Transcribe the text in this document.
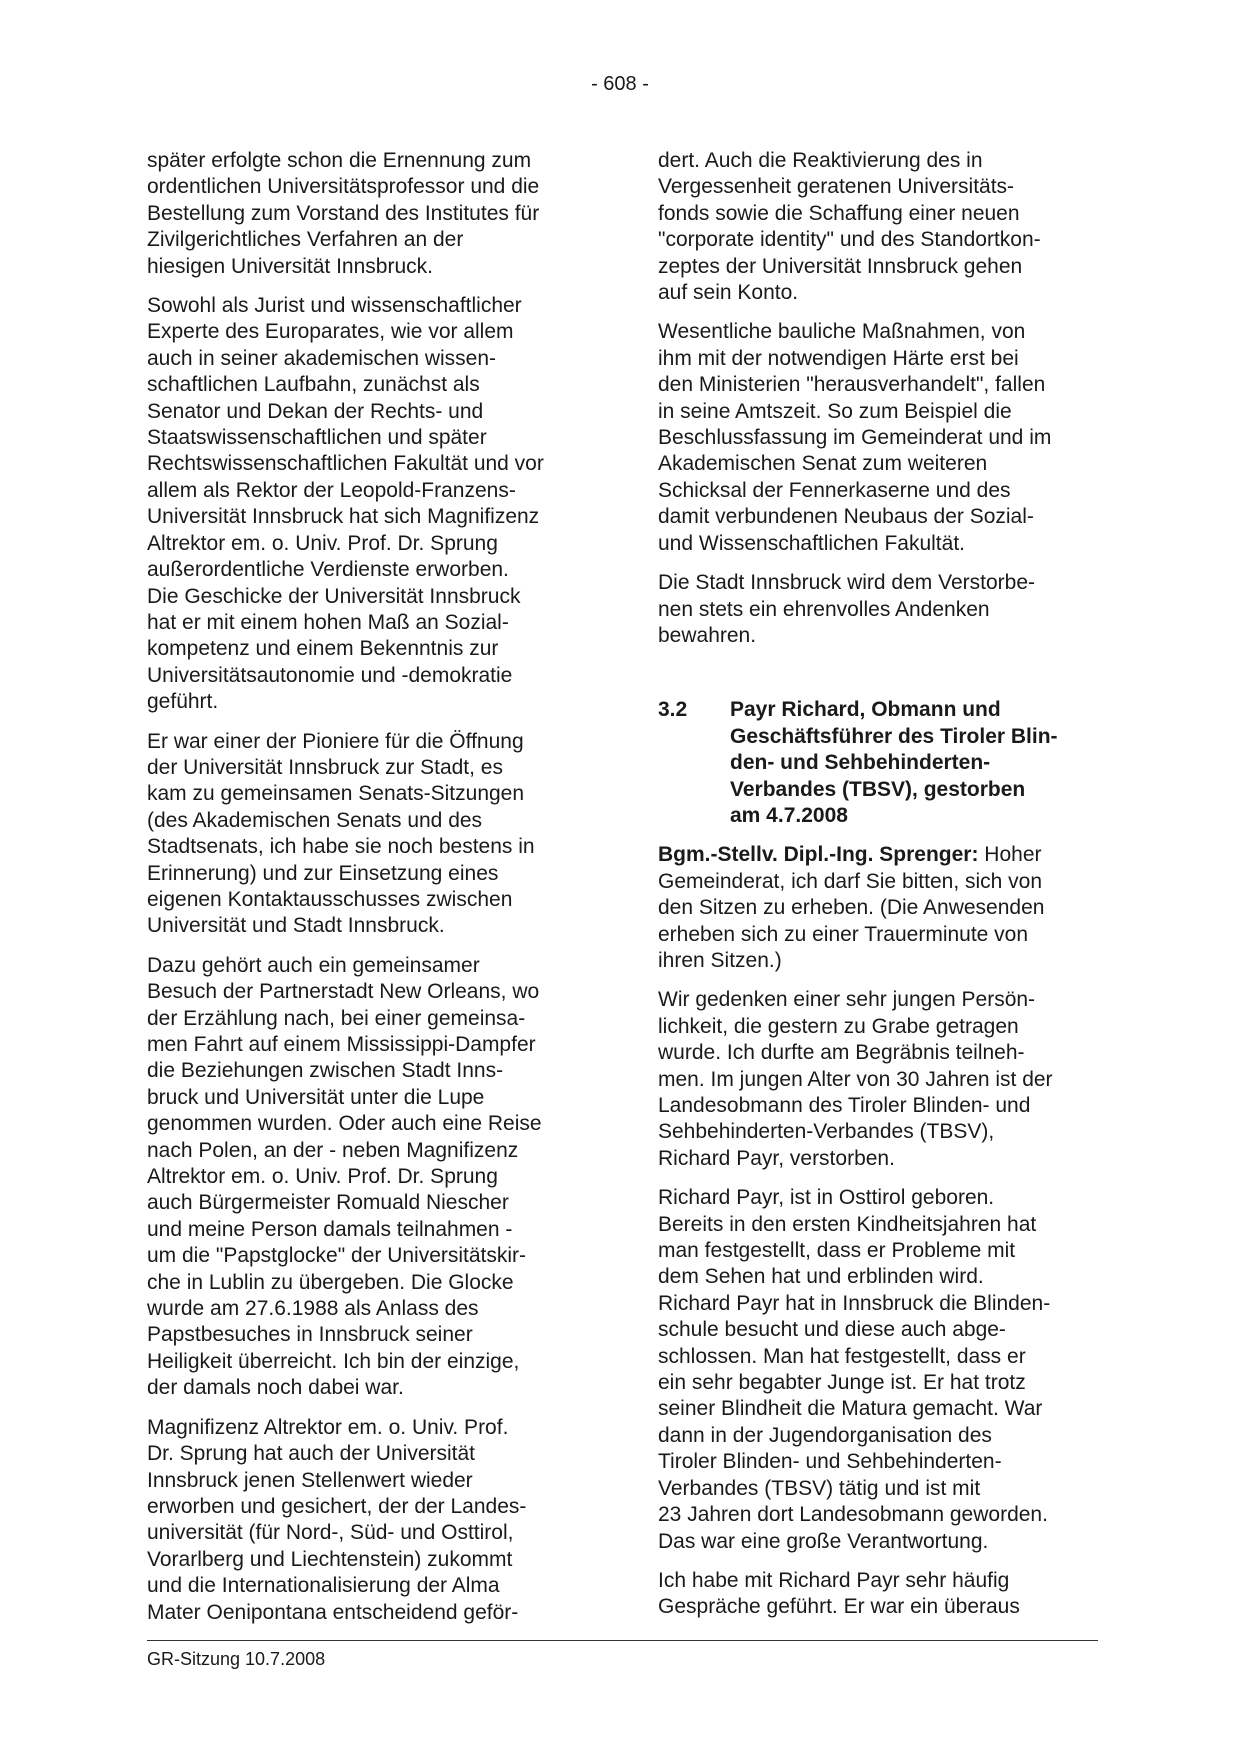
- 608 -

später erfolgte schon die Ernennung zum
ordentlichen Universitätsprofessor und die
Bestellung zum Vorstand des Institutes für
Zivilgerichtliches Verfahren an der
hiesigen Universität Innsbruck.

Sowohl als Jurist und wissenschaftlicher
Experte des Europarates, wie vor allem
auch in seiner akademischen wissen-
schaftlichen Laufbahn, zunächst als
Senator und Dekan der Rechts- und
Staatswissenschaftlichen und später
Rechtswissenschaftlichen Fakultät und vor
allem als Rektor der Leopold-Franzens-
Universität Innsbruck hat sich Magnifizenz
Altrektor em. o. Univ. Prof. Dr. Sprung
außerordentliche Verdienste erworben.
Die Geschicke der Universität Innsbruck
hat er mit einem hohen Maß an Sozial-
kompetenz und einem Bekenntnis zur
Universitätsautonomie und -demokratie
geführt.

Er war einer der Pioniere für die Öffnung
der Universität Innsbruck zur Stadt, es
kam zu gemeinsamen Senats-Sitzungen
(des Akademischen Senats und des
Stadtsenats, ich habe sie noch bestens in
Erinnerung) und zur Einsetzung eines
eigenen Kontaktausschusses zwischen
Universität und Stadt Innsbruck.

Dazu gehört auch ein gemeinsamer
Besuch der Partnerstadt New Orleans, wo
der Erzählung nach, bei einer gemeinsa-
men Fahrt auf einem Mississippi-Dampfer
die Beziehungen zwischen Stadt Inns-
bruck und Universität unter die Lupe
genommen wurden. Oder auch eine Reise
nach Polen, an der - neben Magnifizenz
Altrektor em. o. Univ. Prof. Dr. Sprung
auch Bürgermeister Romuald Niescher
und meine Person damals teilnahmen -
um die "Papstglocke" der Universitätskir-
che in Lublin zu übergeben. Die Glocke
wurde am 27.6.1988 als Anlass des
Papstbesuches in Innsbruck seiner
Heiligkeit überreicht. Ich bin der einzige,
der damals noch dabei war.

Magnifizenz Altrektor em. o. Univ. Prof.
Dr. Sprung hat auch der Universität
Innsbruck jenen Stellenwert wieder
erworben und gesichert, der der Landes-
universität (für Nord-, Süd- und Osttirol,
Vorarlberg und Liechtenstein) zukommt
und die Internationalisierung der Alma
Mater Oenipontana entscheidend geför-

dert. Auch die Reaktivierung des in
Vergessenheit geratenen Universitäts-
fonds sowie die Schaffung einer neuen
"corporate identity" und des Standortkon-
zeptes der Universität Innsbruck gehen
auf sein Konto.

Wesentliche bauliche Maßnahmen, von
ihm mit der notwendigen Härte erst bei
den Ministerien "herausverhandelt", fallen
in seine Amtszeit. So zum Beispiel die
Beschlussfassung im Gemeinderat und im
Akademischen Senat zum weiteren
Schicksal der Fennerkaserne und des
damit verbundenen Neubaus der Sozial-
und Wissenschaftlichen Fakultät.

Die Stadt Innsbruck wird dem Verstorbe-
nen stets ein ehrenvolles Andenken
bewahren.

3.2	Payr Richard, Obmann und
Geschäftsführer des Tiroler Blin-
den- und Sehbehinderten-
Verbandes (TBSV), gestorben
am 4.7.2008

Bgm.-Stellv. Dipl.-Ing. Sprenger: Hoher
Gemeinderat, ich darf Sie bitten, sich von
den Sitzen zu erheben. (Die Anwesenden
erheben sich zu einer Trauerminute von
ihren Sitzen.)

Wir gedenken einer sehr jungen Persön-
lichkeit, die gestern zu Grabe getragen
wurde. Ich durfte am Begräbnis teilneh-
men. Im jungen Alter von 30 Jahren ist der
Landesobmann des Tiroler Blinden- und
Sehbehinderten-Verbandes (TBSV),
Richard Payr, verstorben.

Richard Payr, ist in Osttirol geboren.
Bereits in den ersten Kindheitsjahren hat
man festgestellt, dass er Probleme mit
dem Sehen hat und erblinden wird.
Richard Payr hat in Innsbruck die Blinden-
schule besucht und diese auch abge-
schlossen. Man hat festgestellt, dass er
ein sehr begabter Junge ist. Er hat trotz
seiner Blindheit die Matura gemacht. War
dann in der Jugendorganisation des
Tiroler Blinden- und Sehbehinderten-
Verbandes (TBSV) tätig und ist mit
23 Jahren dort Landesobmann geworden.
Das war eine große Verantwortung.

Ich habe mit Richard Payr sehr häufig
Gespräche geführt. Er war ein überaus

GR-Sitzung 10.7.2008
